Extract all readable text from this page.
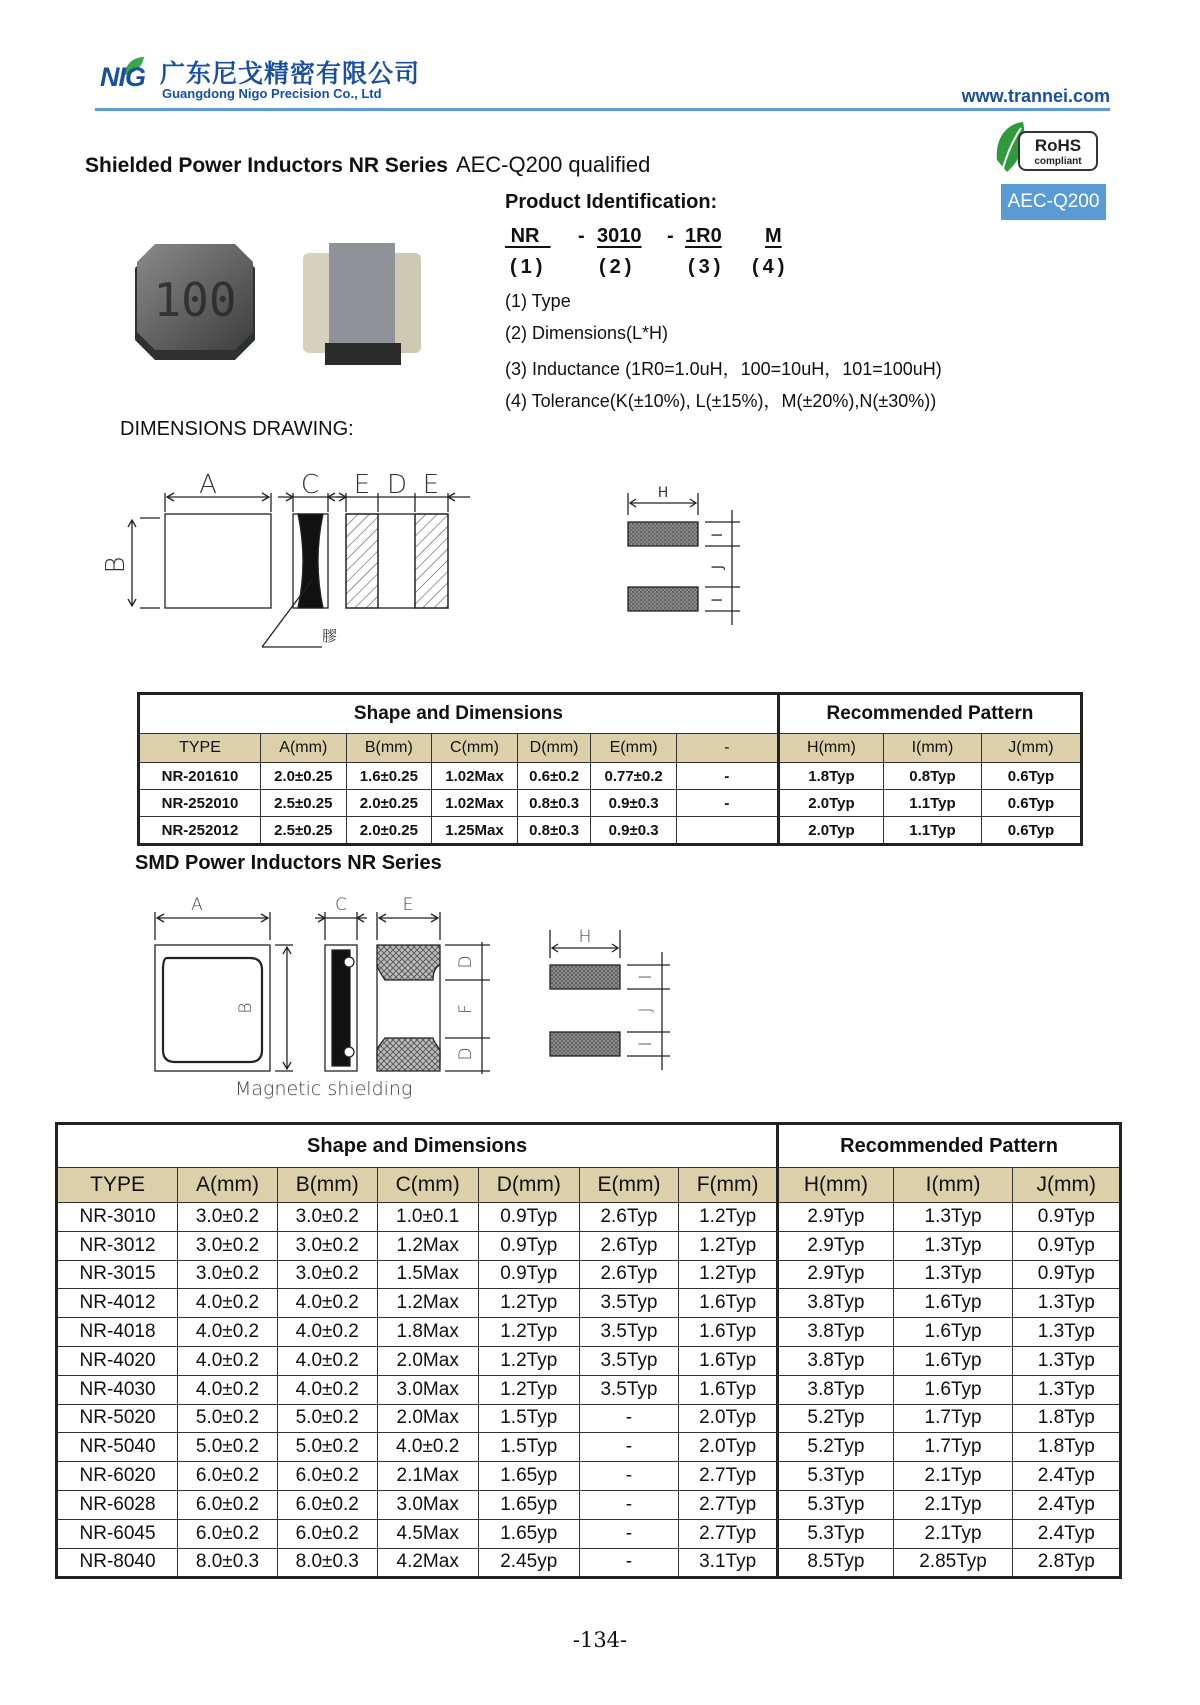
NIG 广东尼戈精密有限公司
Guangdong Nigo Precision Co., Ltd	www.trannei.com
Shielded Power Inductors NR Series AEC-Q200 qualified
RoHS
compliant
AEC-Q200
100
Product Identification:
NR	- 3010 - 1R0 M
(1)	(2)	(3) (4)
(1) Type
(2) Dimensions(L*H)
(3) Inductance (1R0=1.0uH，100=10uH，101=100uH)
(4) Tolerance(K(±10%), L(±15%)，M(±20%),N(±30%))
DIMENSIONS DRAWING:
A	C E D E
B
H
I
J
I
膠
Shape and Dimensions							Recommended Pattern		
TYPE	A(mm)	B(mm)	C(mm)	D(mm)	E(mm)	-	H(mm)	I(mm)	J(mm)
NR-201610	2.0±0.25	1.6±0.25	1.02Max	0.6±0.2	0.77±0.2	-	1.8Typ	0.8Typ	0.6Typ
NR-252010	2.5±0.25	2.0±0.25	1.02Max	0.8±0.3	0.9±0.3	-	2.0Typ	1.1Typ	0.6Typ
NR-252012	2.5±0.25	2.0±0.25	1.25Max	0.8±0.3	0.9±0.3		2.0Typ	1.1Typ	0.6Typ
SMD Power Inductors NR Series
A
B
C	E
D
F
D
H
I
J
I
Magnetic shielding
Shape and Dimensions							Recommended Pattern		
TYPE	A(mm)	B(mm)	C(mm)	D(mm)	E(mm)	F(mm)	H(mm)	I(mm)	J(mm)
NR-3010	3.0±0.2	3.0±0.2	1.0±0.1	0.9Typ	2.6Typ	1.2Typ	2.9Typ	1.3Typ	0.9Typ
NR-3012	3.0±0.2	3.0±0.2	1.2Max	0.9Typ	2.6Typ	1.2Typ	2.9Typ	1.3Typ	0.9Typ
NR-3015	3.0±0.2	3.0±0.2	1.5Max	0.9Typ	2.6Typ	1.2Typ	2.9Typ	1.3Typ	0.9Typ
NR-4012	4.0±0.2	4.0±0.2	1.2Max	1.2Typ	3.5Typ	1.6Typ	3.8Typ	1.6Typ	1.3Typ
NR-4018	4.0±0.2	4.0±0.2	1.8Max	1.2Typ	3.5Typ	1.6Typ	3.8Typ	1.6Typ	1.3Typ
NR-4020	4.0±0.2	4.0±0.2	2.0Max	1.2Typ	3.5Typ	1.6Typ	3.8Typ	1.6Typ	1.3Typ
NR-4030	4.0±0.2	4.0±0.2	3.0Max	1.2Typ	3.5Typ	1.6Typ	3.8Typ	1.6Typ	1.3Typ
NR-5020	5.0±0.2	5.0±0.2	2.0Max	1.5Typ	-	2.0Typ	5.2Typ	1.7Typ	1.8Typ
NR-5040	5.0±0.2	5.0±0.2	4.0±0.2	1.5Typ	-	2.0Typ	5.2Typ	1.7Typ	1.8Typ
NR-6020	6.0±0.2	6.0±0.2	2.1Max	1.65yp	-	2.7Typ	5.3Typ	2.1Typ	2.4Typ
NR-6028	6.0±0.2	6.0±0.2	3.0Max	1.65yp	-	2.7Typ	5.3Typ	2.1Typ	2.4Typ
NR-6045	6.0±0.2	6.0±0.2	4.5Max	1.65yp	-	2.7Typ	5.3Typ	2.1Typ	2.4Typ
NR-8040	8.0±0.3	8.0±0.3	4.2Max	2.45yp	-	3.1Typ	8.5Typ	2.85Typ	2.8Typ
-134-
